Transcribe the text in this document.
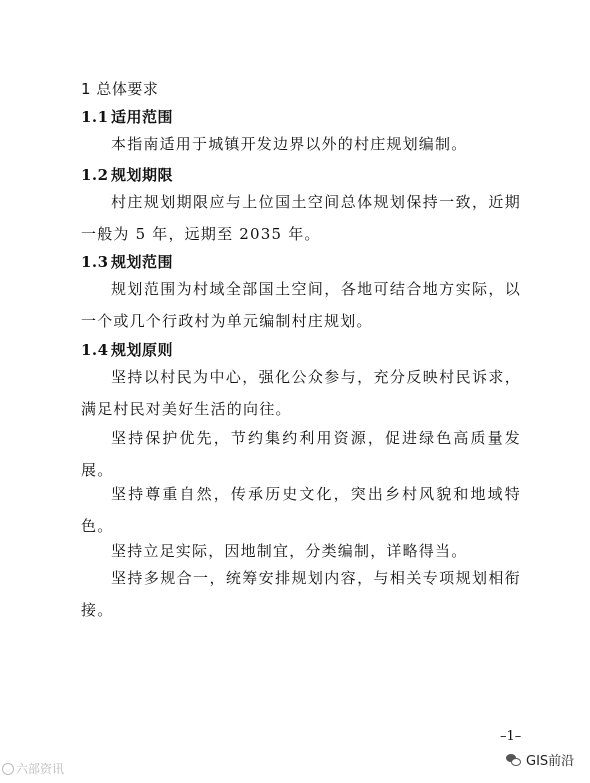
1 总体要求
1.1 适用范围
本指南适用于城镇开发边界以外的村庄规划编制。
1.2 规划期限
村庄规划期限应与上位国土空间总体规划保持一致，近期一般为 5 年，远期至 2035 年。
1.3 规划范围
规划范围为村域全部国土空间，各地可结合地方实际，以一个或几个行政村为单元编制村庄规划。
1.4 规划原则
坚持以村民为中心，强化公众参与，充分反映村民诉求，满足村民对美好生活的向往。
坚持保护优先，节约集约利用资源，促进绿色高质量发展。
坚持尊重自然，传承历史文化，突出乡村风貌和地域特色。
坚持立足实际，因地制宜，分类编制，详略得当。
坚持多规合一，统筹安排规划内容，与相关专项规划相衔接。
–1–
六部资讯	GIS前沿
